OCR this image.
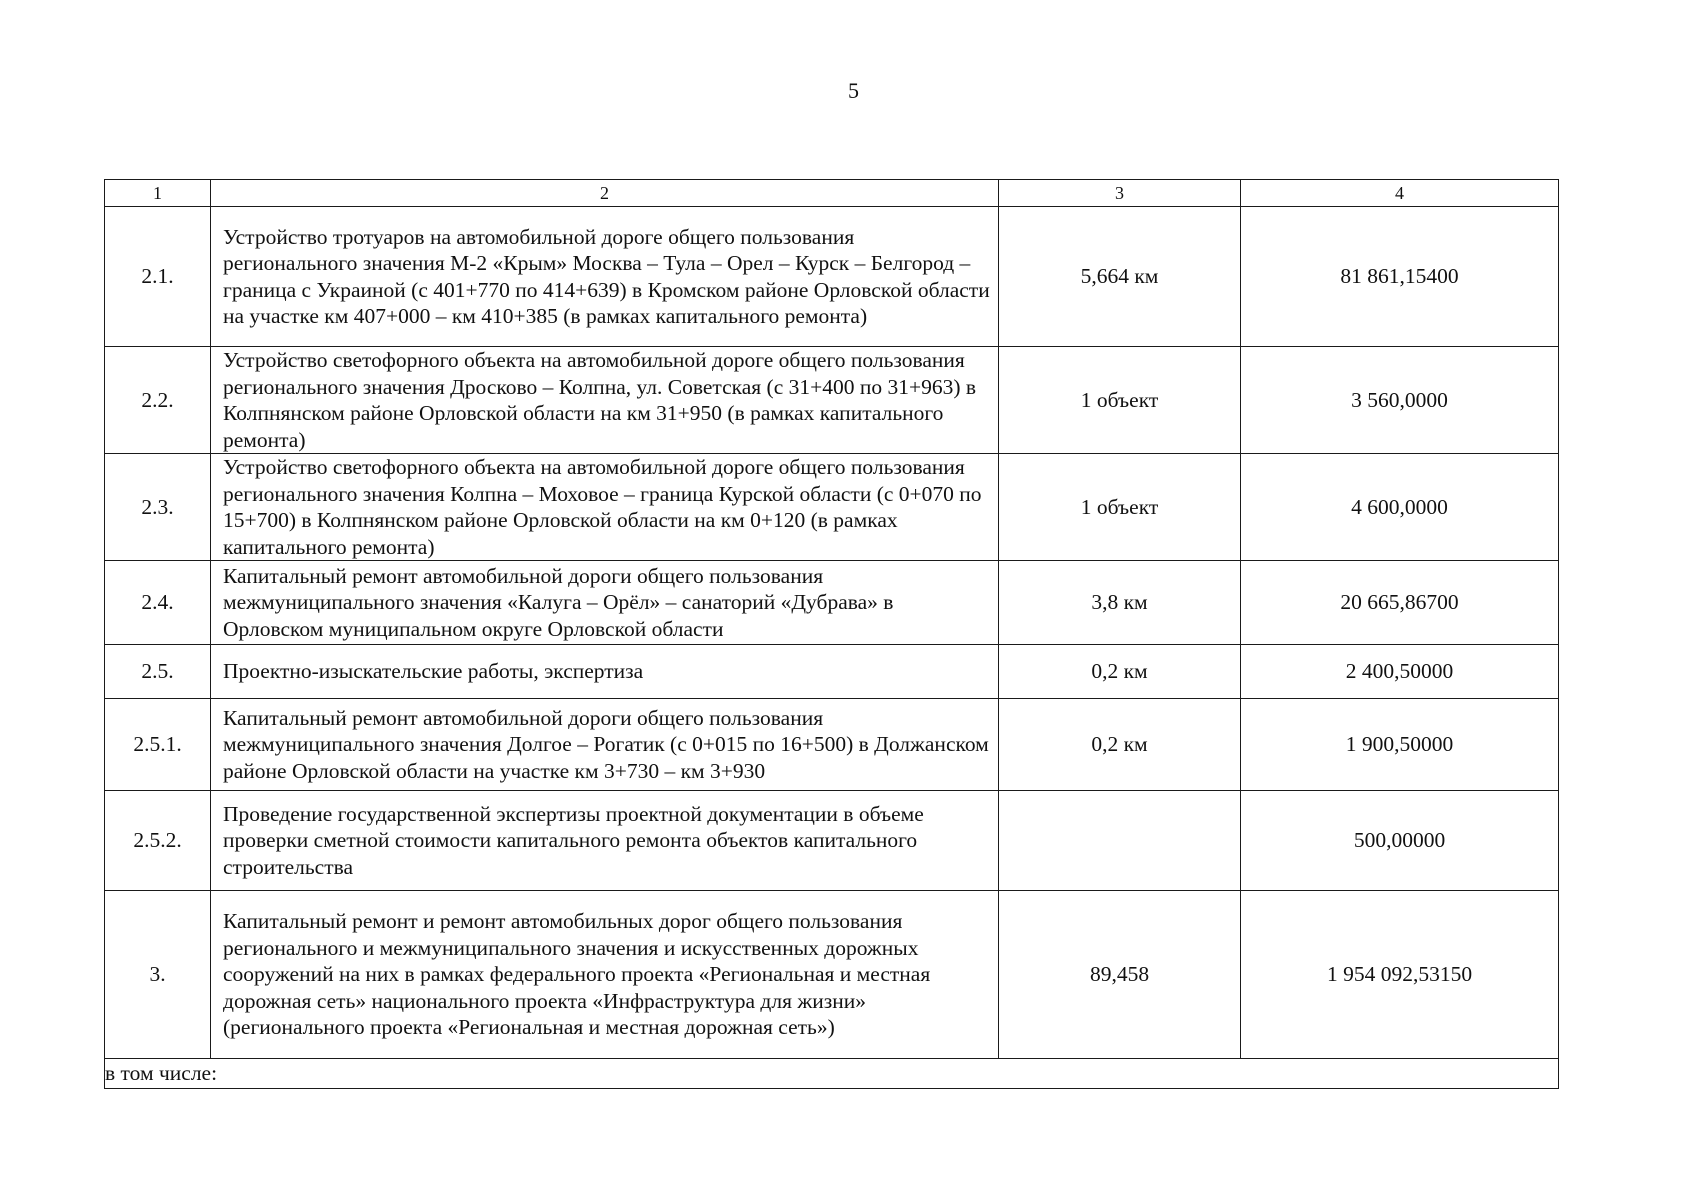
5
1	2	3	4
2.1.	Устройство тротуаров на автомобильной дороге общего пользования регионального значения М-2 «Крым» Москва – Тула – Орел – Курск – Белгород – граница с Украиной (с 401+770 по 414+639) в Кромском районе Орловской области на участке км 407+000 – км 410+385 (в рамках капитального ремонта)	5,664 км	81 861,15400
2.2.	Устройство светофорного объекта на автомобильной дороге общего пользования регионального значения Дросково – Колпна, ул. Советская (с 31+400 по 31+963) в Колпнянском районе Орловской области на км 31+950 (в рамках капитального ремонта)	1 объект	3 560,0000
2.3.	Устройство светофорного объекта на автомобильной дороге общего пользования регионального значения Колпна – Моховое – граница Курской области (с 0+070 по 15+700) в Колпнянском районе Орловской области на км 0+120 (в рамках капитального ремонта)	1 объект	4 600,0000
2.4.	Капитальный ремонт автомобильной дороги общего пользования межмуниципального значения «Калуга – Орёл» – санаторий «Дубрава» в Орловском муниципальном округе Орловской области	3,8 км	20 665,86700
2.5.	Проектно-изыскательские работы, экспертиза	0,2 км	2 400,50000
2.5.1.	Капитальный ремонт автомобильной дороги общего пользования межмуниципального значения Долгое – Рогатик (с 0+015 по 16+500) в Должанском районе Орловской области на участке км 3+730 – км 3+930	0,2 км	1 900,50000
2.5.2.	Проведение государственной экспертизы проектной документации в объеме проверки сметной стоимости капитального ремонта объектов капитального строительства		500,00000
3.	Капитальный ремонт и ремонт автомобильных дорог общего пользования регионального и межмуниципального значения и искусственных дорожных сооружений на них в рамках федерального проекта «Региональная и местная дорожная сеть» национального проекта «Инфраструктура для жизни» (регионального проекта «Региональная и местная дорожная сеть»)	89,458	1 954 092,53150
в том числе:			
